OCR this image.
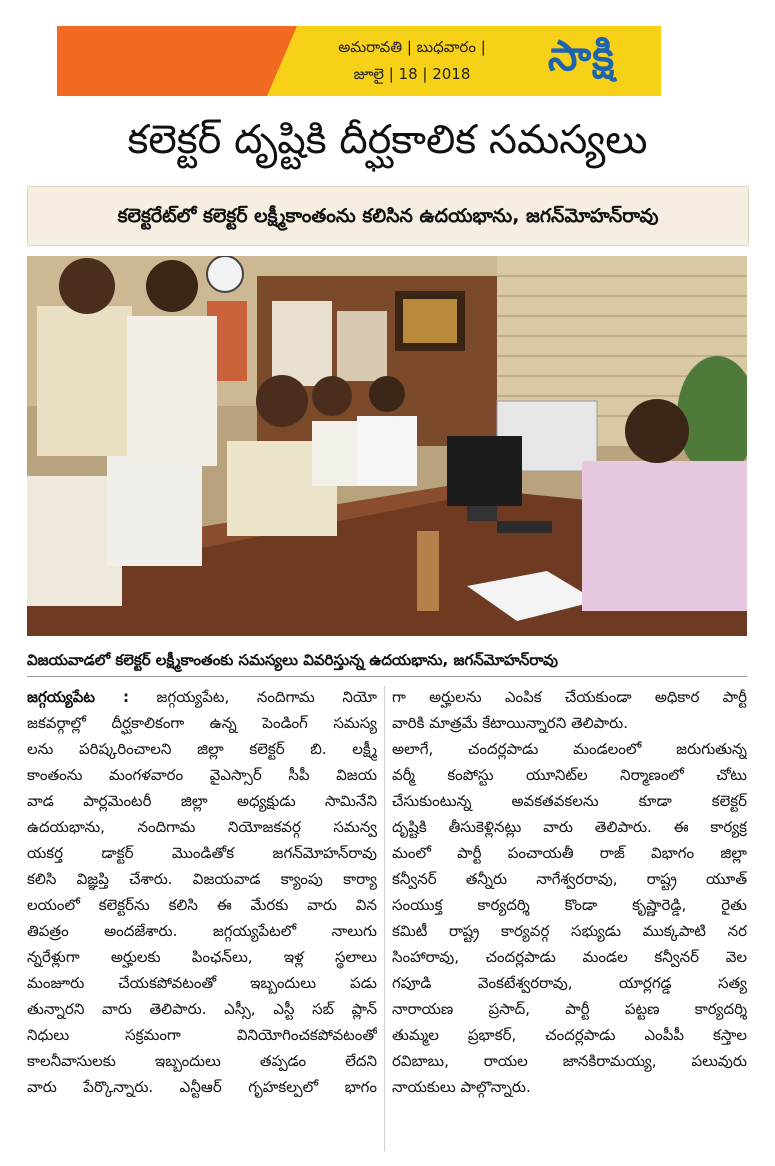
అమరావతి | బుధవారం |
జూలై | 18 | 2018	సాక్షి
కలెక్టర్ దృష్టికి దీర్ఘకాలిక సమస్యలు
కలెక్టరేట్‌లో కలెక్టర్ లక్ష్మీకాంతంను కలిసిన ఉదయభాను, జగన్‌మోహన్‌రావు
విజయవాడలో కలెక్టర్ లక్ష్మీకాంతంకు సమస్యలు వివరిస్తున్న ఉదయభాను, జగన్‌మోహన్‌రావు

జగ్గయ్యపేట : జగ్గయ్యపేట, నందిగామ నియో

జకవర్గాల్లో దీర్ఘకాలికంగా ఉన్న పెండింగ్ సమస్య

లను పరిష్కరించాలని జిల్లా కలెక్టర్ బి. లక్ష్మీ

కాంతంను మంగళవారం వైఎస్సార్ సీపీ విజయ

వాడ పార్లమెంటరీ జిల్లా అధ్యక్షుడు సామినేని

ఉదయభాను, నందిగామ నియోజకవర్గ సమన్వ

యకర్త డాక్టర్ మొండితోక జగన్‌మోహన్‌రావు

కలిసి విజ్ఞప్తి చేశారు. విజయవాడ క్యాంపు కార్యా

లయంలో కలెక్టర్‌ను కలిసి ఈ మేరకు వారు విన

తిపత్రం అందజేశారు. జగ్గయ్యపేటలో నాలుగు

న్నరేళ్లుగా అర్హులకు పింఛన్‌లు, ఇళ్ల స్థలాలు

మంజూరు చేయకపోవటంతో ఇబ్బందులు పడు

తున్నారని వారు తెలిపారు. ఎస్సీ, ఎస్టీ సబ్ ప్లాన్

నిధులు సక్రమంగా వినియోగించకపోవటంతో

కాలనీవాసులకు ఇబ్బందులు తప్పడం లేదని

వారు పేర్కొన్నారు. ఎన్టీఆర్ గృహకల్పలో భాగం

గా అర్హులను ఎంపిక చేయకుండా అధికార పార్టీ

వారికి మాత్రమే కేటాయిన్నారని తెలిపారు.

అలాగే, చందర్లపాడు మండలంలో జరుగుతున్న

వర్మీ కంపోస్టు యూనిట్‌ల నిర్మాణంలో చోటు

చేసుకుంటున్న అవకతవకలను కూడా కలెక్టర్

దృష్టికి తీసుకెళ్లినట్లు వారు తెలిపారు. ఈ కార్యక్ర

మంలో పార్టీ పంచాయతీ రాజ్ విభాగం జిల్లా

కన్వీనర్ తన్నీరు నాగేశ్వరరావు, రాష్ట్ర యూత్

సంయుక్త కార్యదర్శి కొండా కృష్ణారెడ్డి, రైతు

కమిటీ రాష్ట్ర కార్యవర్గ సభ్యుడు ముక్కపాటి నర

సింహారావు, చందర్లపాడు మండల కన్వీనర్ వెల

గపూడి వెంకటేశ్వరరావు, యార్లగడ్డ సత్య

నారాయణ ప్రసాద్, పార్టీ పట్టణ కార్యదర్శి

తుమ్మల ప్రభాకర్, చందర్లపాడు ఎంపీపీ కస్తాల

రవిబాబు, రాయల జానకిరామయ్య, పలువురు

నాయకులు పాల్గొన్నారు.
